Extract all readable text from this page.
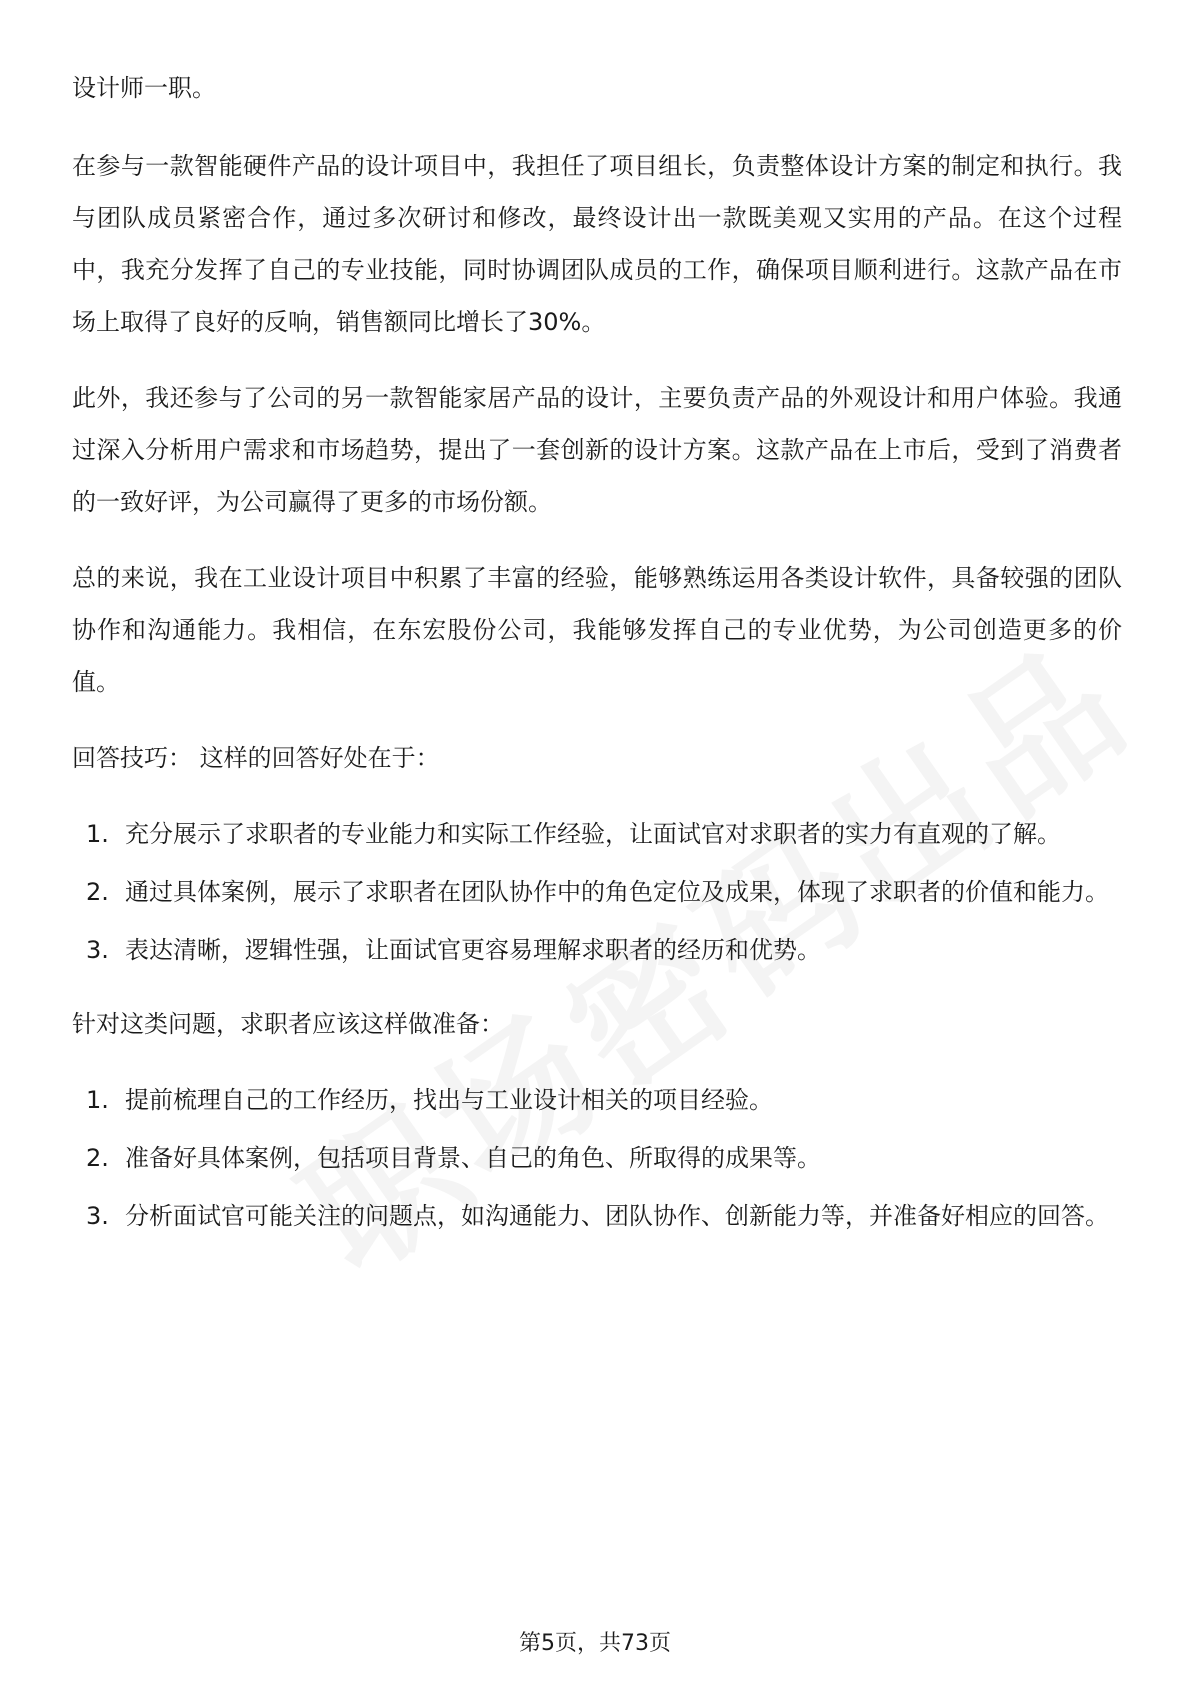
设计师一职。

在参与一款智能硬件产品的设计项目中，我担任了项目组长，负责整体设计方案的制定和执行。我与团队成员紧密合作，通过多次研讨和修改，最终设计出一款既美观又实用的产品。在这个过程中，我充分发挥了自己的专业技能，同时协调团队成员的工作，确保项目顺利进行。这款产品在市场上取得了良好的反响，销售额同比增长了30%。

此外，我还参与了公司的另一款智能家居产品的设计，主要负责产品的外观设计和用户体验。我通过深入分析用户需求和市场趋势，提出了一套创新的设计方案。这款产品在上市后，受到了消费者的一致好评，为公司赢得了更多的市场份额。

总的来说，我在工业设计项目中积累了丰富的经验，能够熟练运用各类设计软件，具备较强的团队协作和沟通能力。我相信，在东宏股份公司，我能够发挥自己的专业优势，为公司创造更多的价值。

回答技巧： 这样的回答好处在于：

1. 充分展示了求职者的专业能力和实际工作经验，让面试官对求职者的实力有直观的了解。
2. 通过具体案例，展示了求职者在团队协作中的角色定位及成果，体现了求职者的价值和能力。
3. 表达清晰，逻辑性强，让面试官更容易理解求职者的经历和优势。

针对这类问题，求职者应该这样做准备：

1. 提前梳理自己的工作经历，找出与工业设计相关的项目经验。
2. 准备好具体案例，包括项目背景、自己的角色、所取得的成果等。
3. 分析面试官可能关注的问题点，如沟通能力、团队协作、创新能力等，并准备好相应的回答。
第5页，共73页
